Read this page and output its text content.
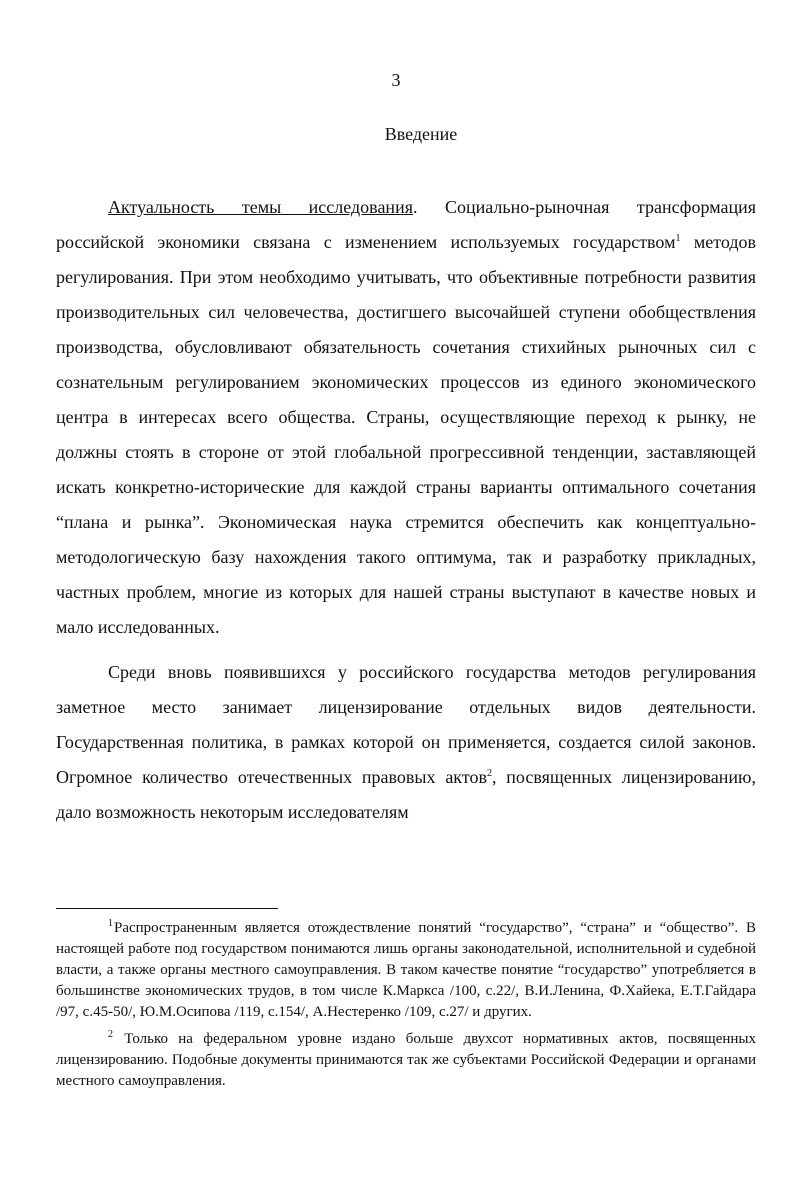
3
Введение

Актуальность темы исследования. Социально-рыночная трансформация российской экономики связана с изменением используемых государством$^1$ методов регулирования. При этом необходимо учитывать, что объективные потребности развития производительных сил человечества, достигшего высочайшей ступени обобществления производства, обусловливают обязательность сочетания стихийных рыночных сил с сознательным регулированием экономических процессов из единого экономического центра в интересах всего общества. Страны, осуществляющие переход к рынку, не должны стоять в стороне от этой глобальной прогрессивной тенденции, заставляющей искать конкретно-исторические для каждой страны варианты оптимального сочетания “плана и рынка”. Экономическая наука стремится обеспечить как концептуально-методологическую базу нахождения такого оптимума, так и разработку прикладных, частных проблем, многие из которых для нашей страны выступают в качестве новых и мало исследованных.

Среди вновь появившихся у российского государства методов регулирования заметное место занимает лицензирование отдельных видов деятельности. Государственная политика, в рамках которой он применяется, создается силой законов. Огромное количество отечественных правовых актов$^2$, посвященных лицензированию, дало возможность некоторым исследователям

$^1$Распространенным является отождествление понятий “государство”, “страна” и “общество”. В настоящей работе под государством понимаются лишь органы законодательной, исполнительной и судебной власти, а также органы местного самоуправления. В таком качестве понятие “государство” употребляется в большинстве экономических трудов, в том числе К.Маркса /100, с.22/, В.И.Ленина, Ф.Хайека, Е.Т.Гайдара /97, с.45-50/, Ю.М.Осипова /119, с.154/, А.Нестеренко /109, с.27/ и других.

$^2$ Только на федеральном уровне издано больше двухсот нормативных актов, посвященных лицензированию. Подобные документы принимаются так же субъектами Российской Федерации и органами местного самоуправления.
